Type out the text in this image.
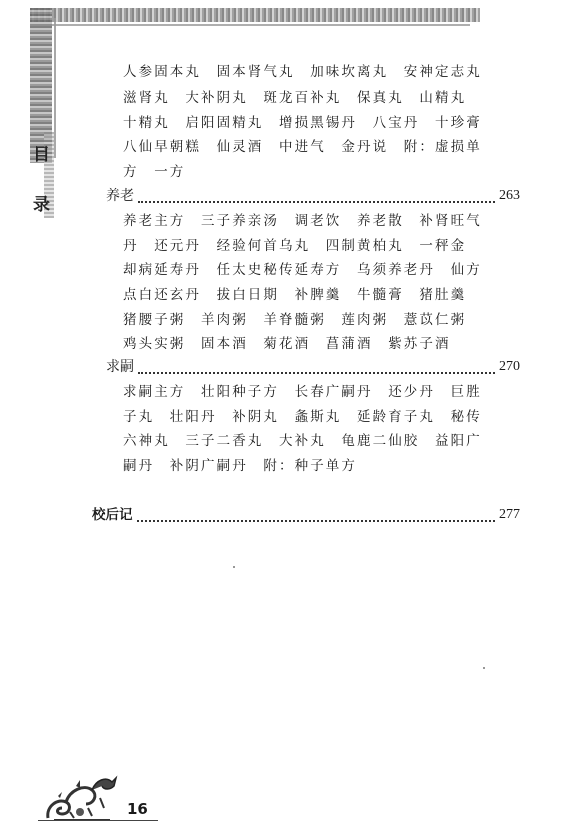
目
录
人参固本丸　固本肾气丸　加味坎离丸　安神定志丸
滋肾丸　大补阴丸　斑龙百补丸　保真丸　山精丸
十精丸　启阳固精丸　增损黑锡丹　八宝丹　十珍膏
八仙早朝糕　仙灵酒　中进气　金丹说　附：虚损单
方　一方
养老	263
养老主方　三子养亲汤　调老饮　养老散　补肾旺气
丹　还元丹　经验何首乌丸　四制黄柏丸　一秤金
却病延寿丹　任太史秘传延寿方　乌须养老丹　仙方
点白还玄丹　拔白日期　补脾羹　牛髓膏　猪肚羹
猪腰子粥　羊肉粥　羊脊髓粥　莲肉粥　薏苡仁粥
鸡头实粥　固本酒　菊花酒　菖蒲酒　紫苏子酒
求嗣	270
求嗣主方　壮阳种子方　长春广嗣丹　还少丹　巨胜
子丸　壮阳丹　补阴丸　螽斯丸　延龄育子丸　秘传
六神丸　三子二香丸　大补丸　龟鹿二仙胶　益阳广
嗣丹　补阴广嗣丹　附：种子单方
校后记	277
16
